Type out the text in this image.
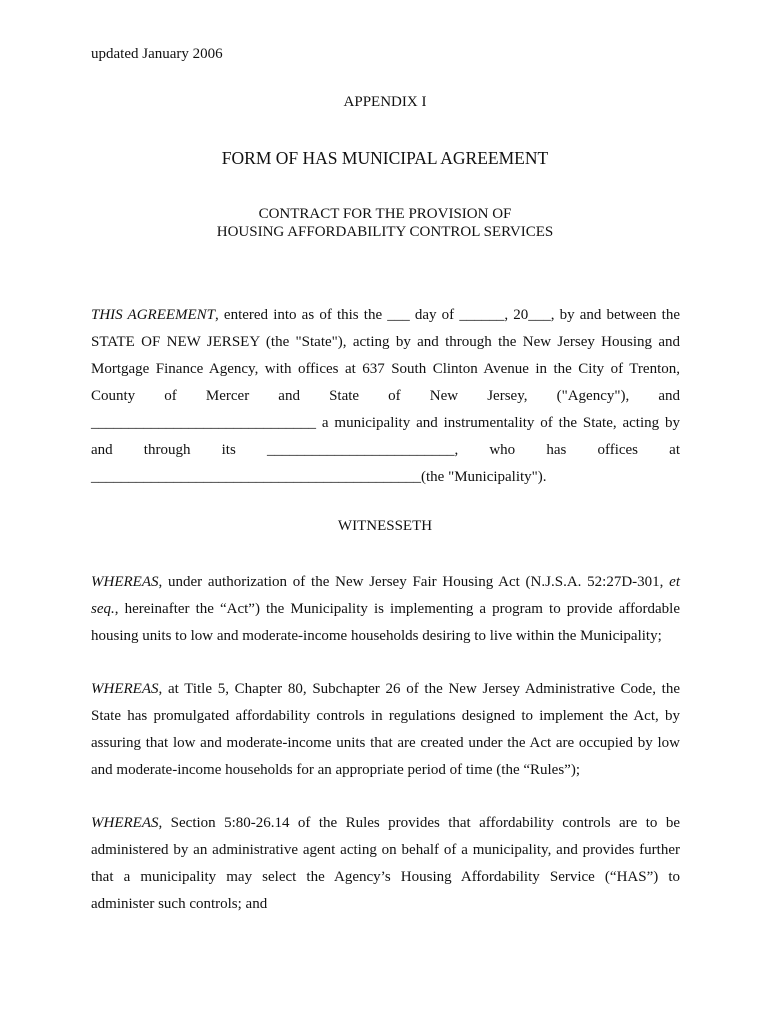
updated January 2006
APPENDIX I
FORM OF HAS MUNICIPAL AGREEMENT
CONTRACT FOR THE PROVISION OF
HOUSING AFFORDABILITY CONTROL SERVICES
THIS AGREEMENT, entered into as of this the ___ day of ______, 20___, by and between the
STATE OF NEW JERSEY (the "State"), acting by and through the New Jersey Housing and
Mortgage Finance Agency, with offices at 637 South Clinton Avenue in the City of Trenton,
County of Mercer and State of New Jersey, ("Agency"), and
______________________________ a municipality and instrumentality of the State, acting by
and through its _________________________, who has offices at
____________________________________________(the "Municipality").
WITNESSETH
WHEREAS, under authorization of the New Jersey Fair Housing Act (N.J.S.A. 52:27D-301, et
seq., hereinafter the “Act”) the Municipality is implementing a program to provide affordable
housing units to low and moderate-income households desiring to live within the Municipality;
WHEREAS, at Title 5, Chapter 80, Subchapter 26 of the New Jersey Administrative Code, the
State has promulgated affordability controls in regulations designed to implement the Act, by
assuring that low and moderate-income units that are created under the Act are occupied by low
and moderate-income households for an appropriate period of time (the “Rules”);
WHEREAS, Section 5:80-26.14 of the Rules provides that affordability controls are to be
administered by an administrative agent acting on behalf of a municipality, and provides further
that a municipality may select the Agency’s Housing Affordability Service (“HAS”) to
administer such controls; and
